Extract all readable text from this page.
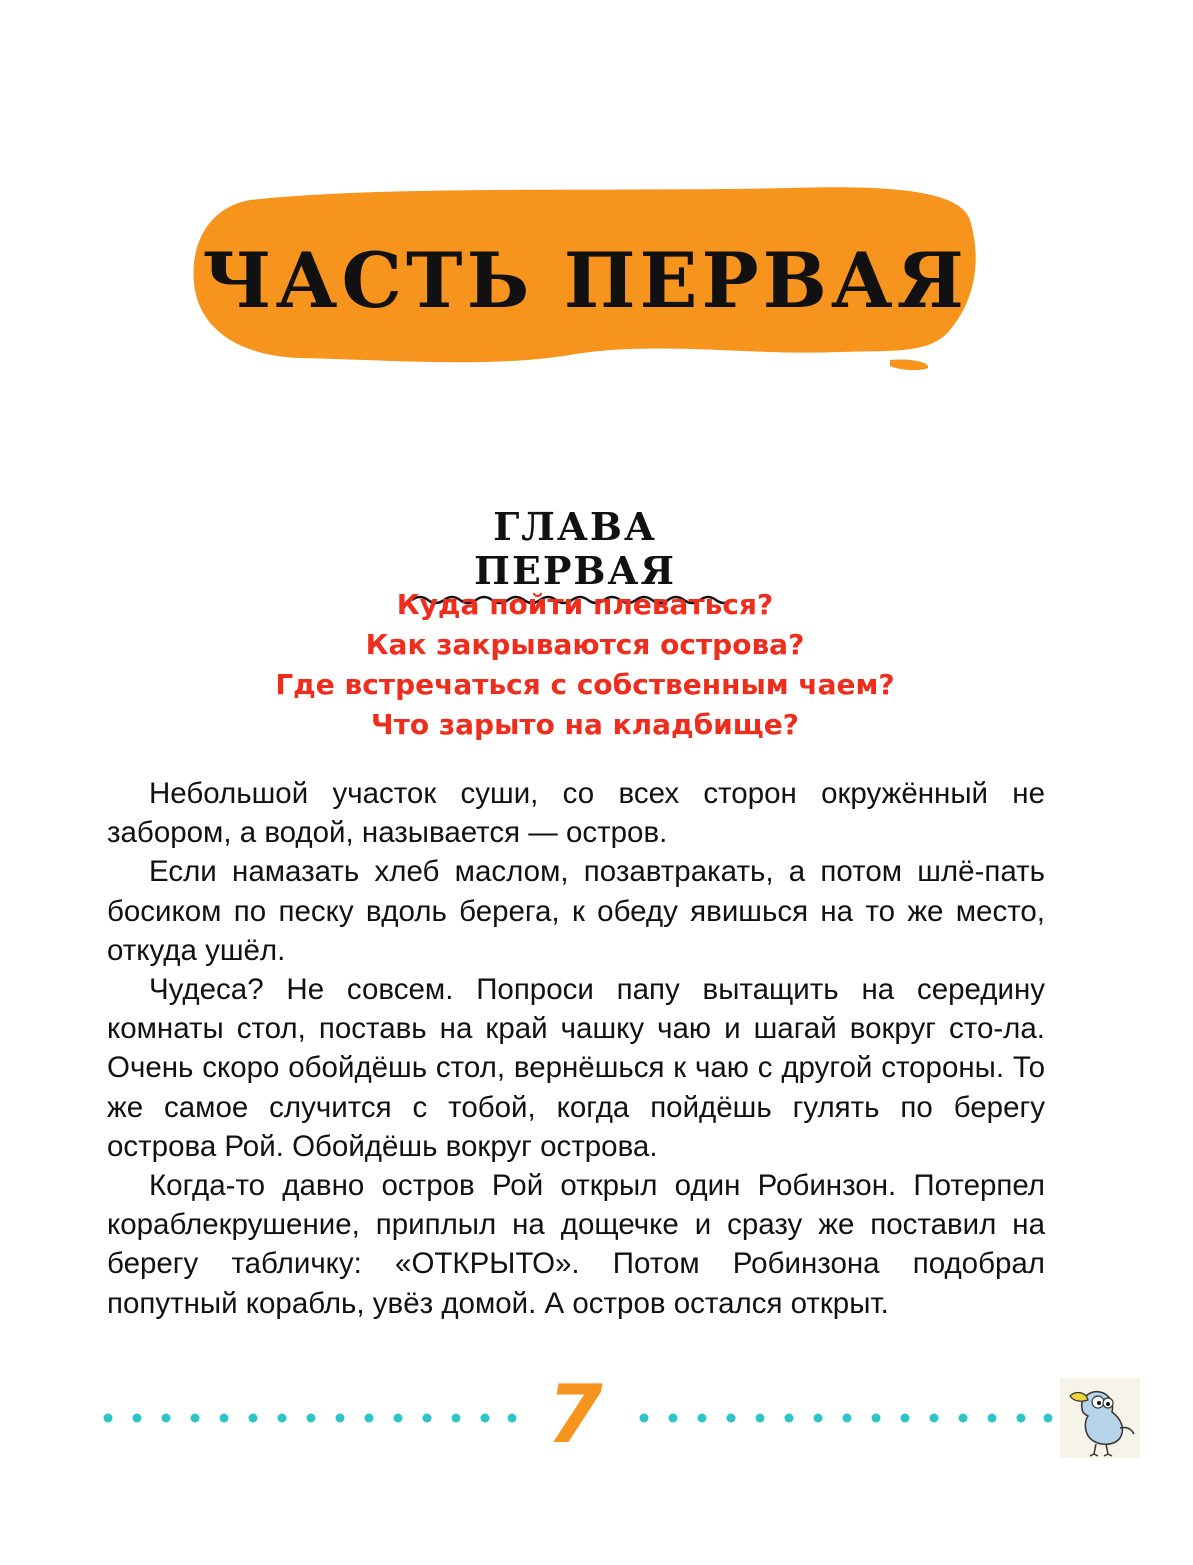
ЧАСТЬ ПЕРВАЯ
ГЛАВА ПЕРВАЯ
Куда пойти плеваться?
Как закрываются острова?
Где встречаться с собственным чаем?
Что зарыто на кладбище?

Небольшой участок суши, со всех сторон окружённый не забором, а водой, называется — остров.

Если намазать хлеб маслом, позавтракать, а потом шлё-пать босиком по песку вдоль берега, к обеду явишься на то же место, откуда ушёл.

Чудеса? Не совсем. Попроси папу вытащить на середину комнаты стол, поставь на край чашку чаю и шагай вокруг сто-ла. Очень скоро обойдёшь стол, вернёшься к чаю с другой стороны. То же самое случится с тобой, когда пойдёшь гулять по берегу острова Рой. Обойдёшь вокруг острова.

Когда-то давно остров Рой открыл один Робинзон. Потерпел кораблекрушение, приплыл на дощечке и сразу же поставил на берегу табличку: «ОТКРЫТО». Потом Робинзона подобрал попутный корабль, увёз домой. А остров остался открыт.

7
